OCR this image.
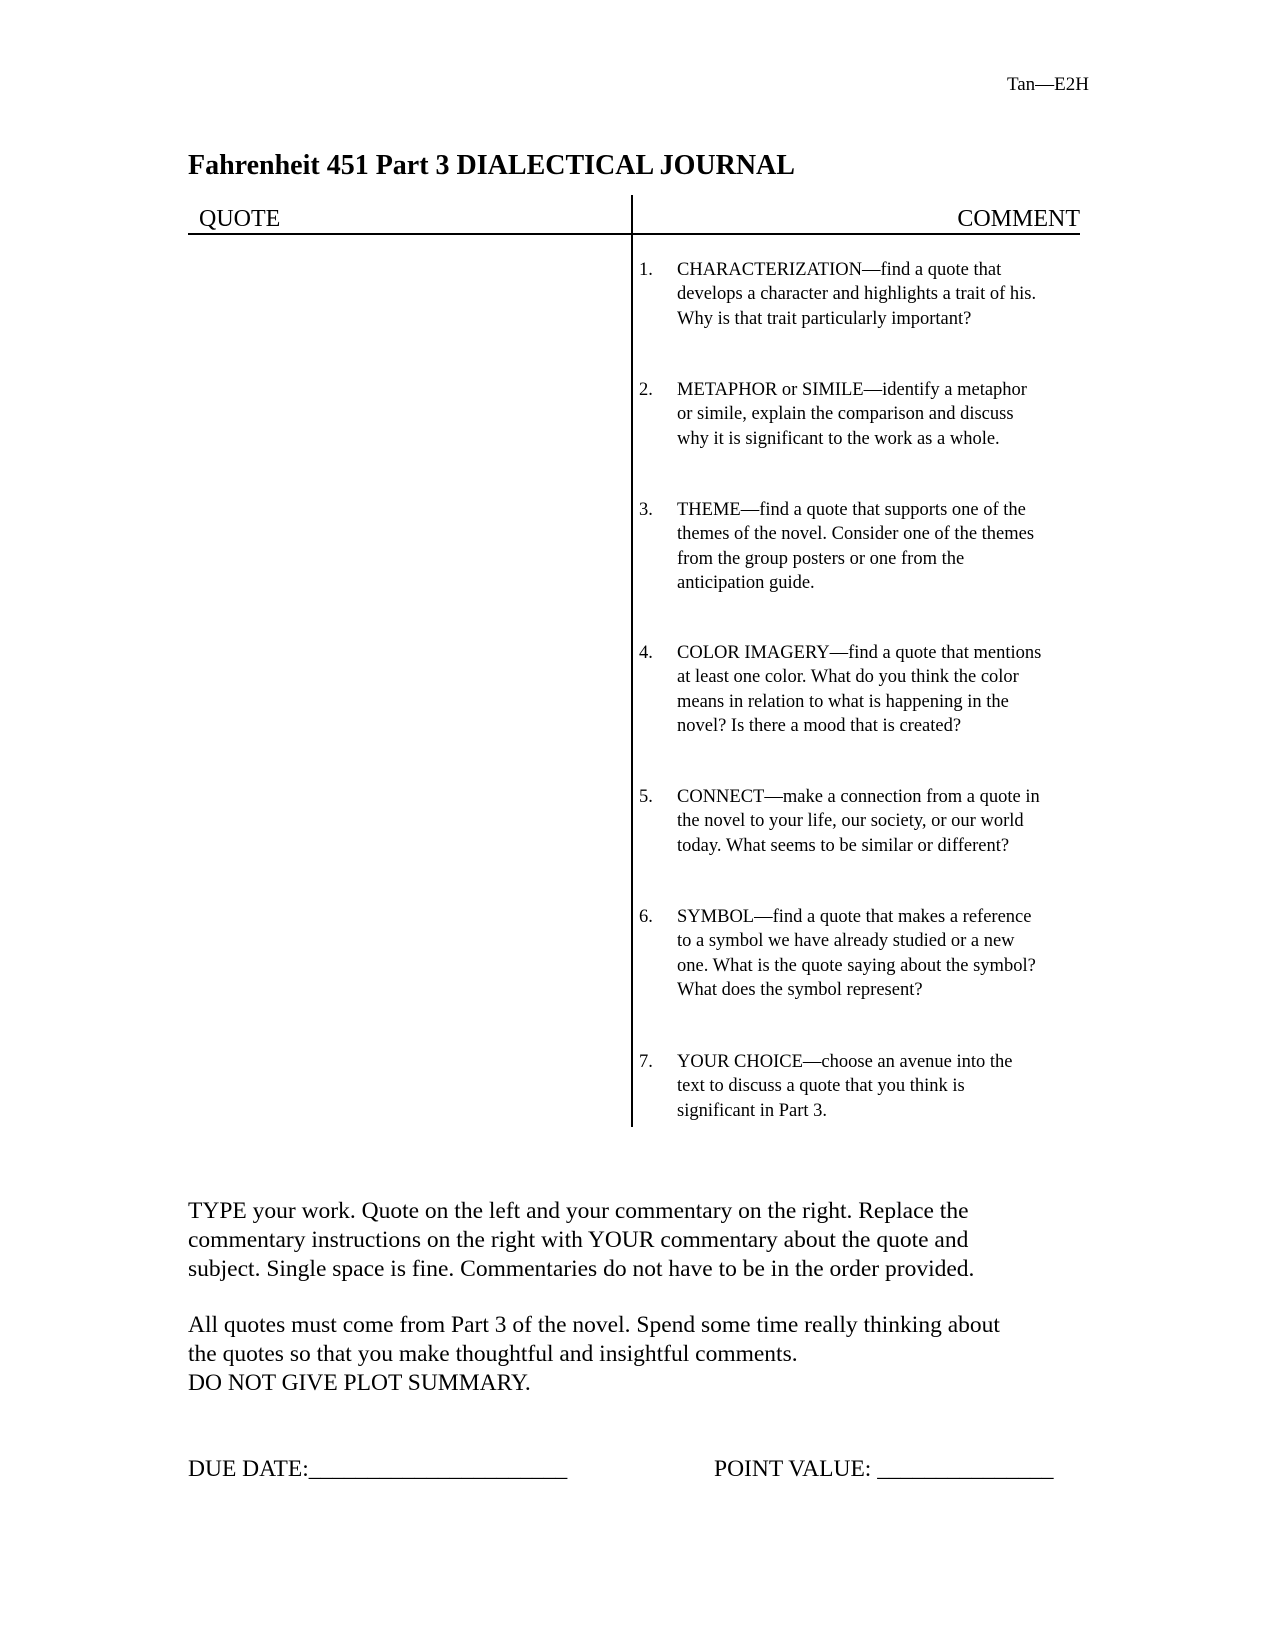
Tan—E2H
Fahrenheit 451 Part 3 DIALECTICAL JOURNAL
QUOTE	COMMENT
1. CHARACTERIZATION—find a quote that
develops a character and highlights a trait of his.
Why is that trait particularly important?
2. METAPHOR or SIMILE—identify a metaphor
or simile, explain the comparison and discuss
why it is significant to the work as a whole.
3. THEME—find a quote that supports one of the
themes of the novel. Consider one of the themes
from the group posters or one from the
anticipation guide.
4. COLOR IMAGERY—find a quote that mentions
at least one color. What do you think the color
means in relation to what is happening in the
novel? Is there a mood that is created?
5. CONNECT—make a connection from a quote in
the novel to your life, our society, or our world
today. What seems to be similar or different?
6. SYMBOL—find a quote that makes a reference
to a symbol we have already studied or a new
one. What is the quote saying about the symbol?
What does the symbol represent?
7. YOUR CHOICE—choose an avenue into the
text to discuss a quote that you think is
significant in Part 3.
TYPE your work. Quote on the left and your commentary on the right. Replace the
commentary instructions on the right with YOUR commentary about the quote and
subject. Single space is fine. Commentaries do not have to be in the order provided.
All quotes must come from Part 3 of the novel. Spend some time really thinking about
the quotes so that you make thoughtful and insightful comments.
DO NOT GIVE PLOT SUMMARY.
DUE DATE:______________________	POINT VALUE: _______________
